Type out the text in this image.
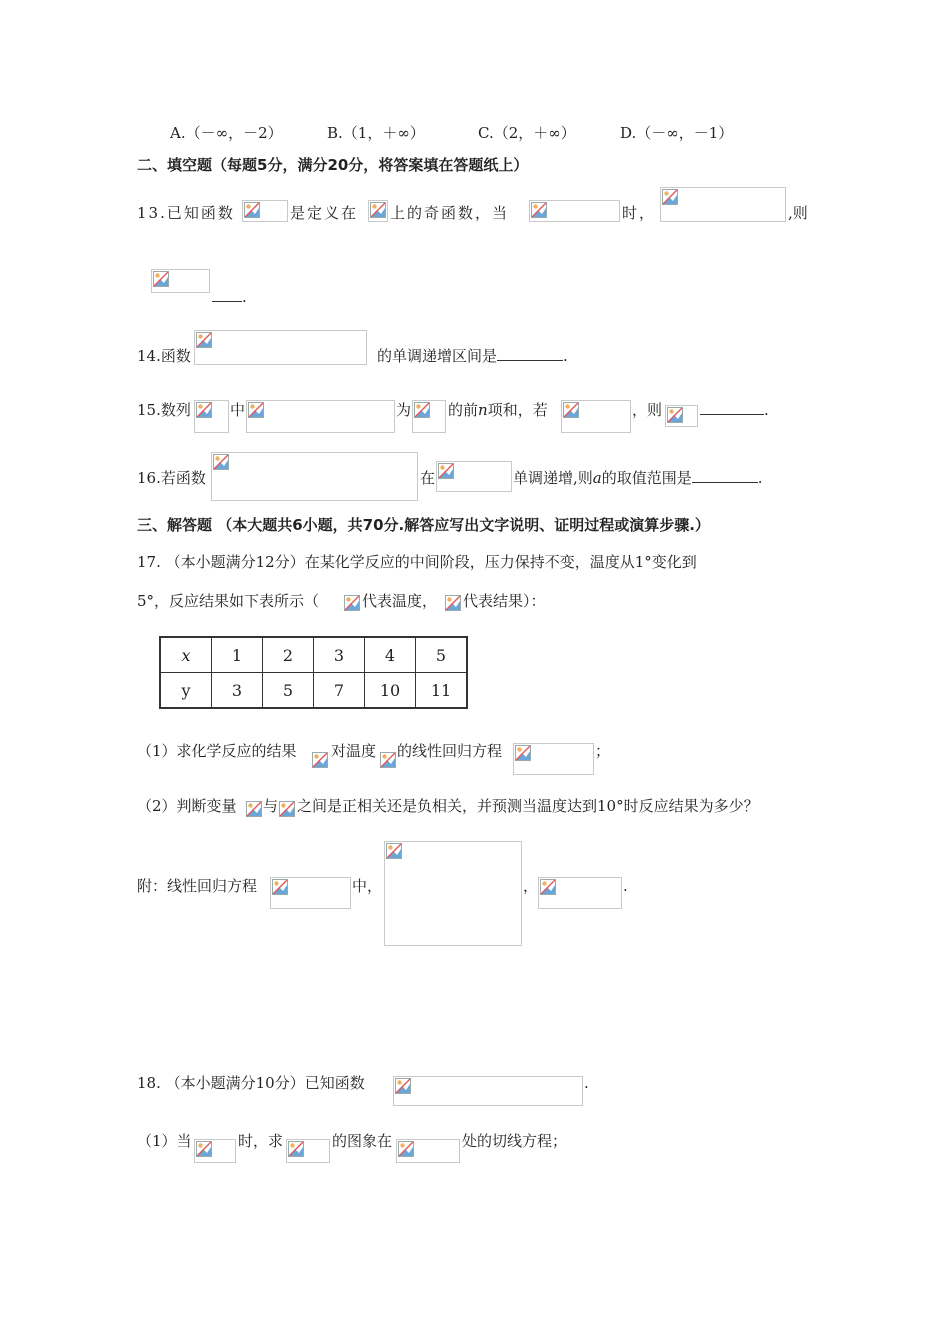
A.（－∞，－2）	B.（1，＋∞）	C.（2，＋∞）	D.（－∞，－1）
二、填空题（每题5分，满分20分，将答案填在答题纸上）
13.已知函数	是定义在 上的奇函数，当	时，	,则
.
14.函数	的单调递增区间是	.
15.数列	中	为 的前n项和，若	，则	.
16.若函数	在	单调递增,则a的取值范围是	.
三、解答题 （本大题共6小题，共70分.解答应写出文字说明、证明过程或演算步骤.）
17. （本小题满分12分）在某化学反应的中间阶段，压力保持不变，温度从1°变化到
5°，反应结果如下表所示（	代表温度， 代表结果）：
x	1	2	3	4	5
y	3	5	7	10	11
（1）求化学反应的结果 对温度 的线性回归方程	；
（2）判断变量 与 之间是正相关还是负相关，并预测当温度达到10°时反应结果为多少？
附：线性回归方程	中，	，	.
18. （本小题满分10分）已知函数	.
（1）当	时，求	的图象在	处的切线方程；
